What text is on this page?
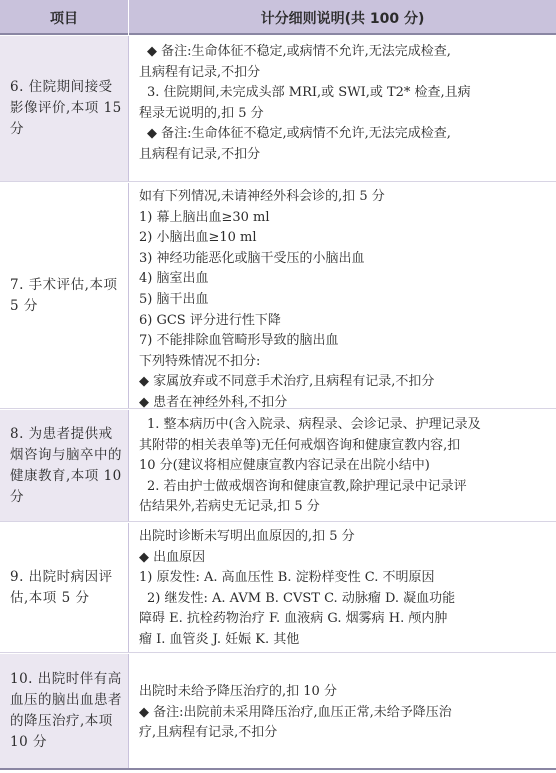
项目	计分细则说明(共 100 分)
6. 住院期间接受影像评价,本项 15 分

◆ 备注:生命体征不稳定,或病情不允许,无法完成检查,

且病程有记录,不扣分

3. 住院期间,未完成头部 MRI,或 SWI,或 T2* 检查,且病

程录无说明的,扣 5 分

◆ 备注:生命体征不稳定,或病情不允许,无法完成检查,

且病程有记录,不扣分

7. 手术评估,本项 5 分

如有下列情况,未请神经外科会诊的,扣 5 分

1) 幕上脑出血≥30 ml

2) 小脑出血≥10 ml

3) 神经功能恶化或脑干受压的小脑出血

4) 脑室出血

5) 脑干出血

6) GCS 评分进行性下降

7) 不能排除血管畸形导致的脑出血

下列特殊情况不扣分:

◆ 家属放弃或不同意手术治疗,且病程有记录,不扣分

◆ 患者在神经外科,不扣分

8. 为患者提供戒烟咨询与脑卒中的健康教育,本项 10 分

1. 整本病历中(含入院录、病程录、会诊记录、护理记录及

其附带的相关表单等)无任何戒烟咨询和健康宣教内容,扣

10 分(建议将相应健康宣教内容记录在出院小结中)

2. 若由护士做戒烟咨询和健康宣教,除护理记录中记录评

估结果外,若病史无记录,扣 5 分

9. 出院时病因评估,本项 5 分

出院时诊断未写明出血原因的,扣 5 分

◆ 出血原因

1) 原发性: A. 高血压性 B. 淀粉样变性 C. 不明原因

2) 继发性: A. AVM B. CVST C. 动脉瘤 D. 凝血功能

障碍 E. 抗栓药物治疗 F. 血液病 G. 烟雾病 H. 颅内肿

瘤 I. 血管炎 J. 妊娠 K. 其他

10. 出院时伴有高血压的脑出血患者的降压治疗,本项 10 分

出院时未给予降压治疗的,扣 10 分

◆ 备注:出院前未采用降压治疗,血压正常,未给予降压治

疗,且病程有记录,不扣分
